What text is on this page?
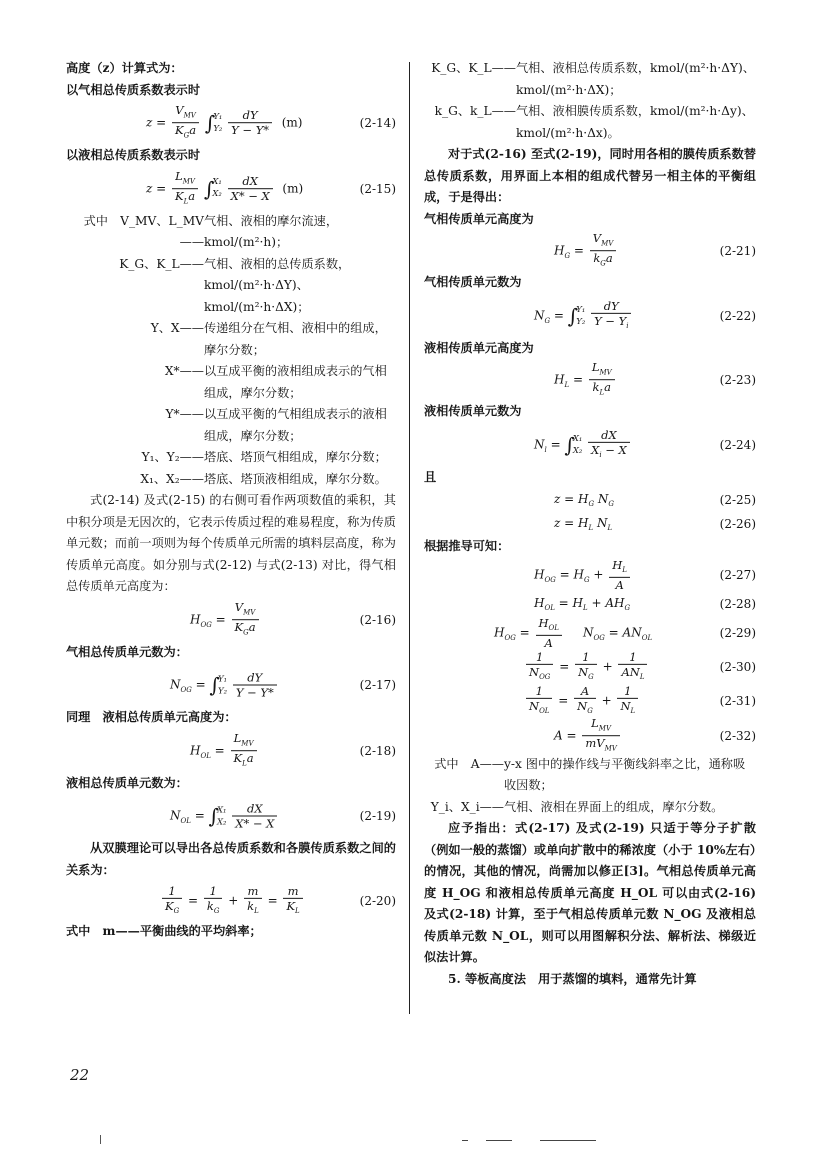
高度（z）计算式为：

以气相总传质系数表示时

$z = \frac{V_{MV}}{K_Ga}$ ∫
Y₁
Y₂
$\frac{dY}{Y - Y*} (m)$	(2-14)

以液相总传质系数表示时

$z = \frac{L_{MV}}{K_La}$ ∫
X₁
X₂
$\frac{dX}{X* - X} (m)$	(2-15)
式中　V_MV、L_MV——
气相、液相的摩尔流速，kmol/(m²·h)；
K_G、K_L—— 气相、液相的总传质系数，kmol/(m²·h·ΔY)、kmol/(m²·h·ΔX)；
Y、X—— 传递组分在气相、液相中的组成，摩尔分数；
X*—— 以互成平衡的液相组成表示的气相组成，摩尔分数；
Y*—— 以互成平衡的气相组成表示的液相组成，摩尔分数；
Y₁、Y₂—— 塔底、塔顶气相组成，摩尔分数；
X₁、X₂—— 塔底、塔顶液相组成，摩尔分数。

式(2-14) 及式(2-15) 的右侧可看作两项数值的乘积，其中积分项是无因次的，它表示传质过程的难易程度，称为传质单元数；而前一项则为每个传质单元所需的填料层高度，称为传质单元高度。如分别与式(2-12) 与式(2-13) 对比，得气相总传质单元高度为：

$H_{OG} = \frac{V_{MV}}{K_Ga}$	(2-16)

气相总传质单元数为：

$N_{OG}$ = ∫
Y₁
Y₂
$\frac{dY}{Y - Y*}$	(2-17)

同理　液相总传质单元高度为：

$H_{OL} = \frac{L_{MV}}{K_La}$	(2-18)

液相总传质单元数为：

$N_{OL}$ = ∫
X₁
X₂
$\frac{dX}{X* - X}$	(2-19)

从双膜理论可以导出各总传质系数和各膜传质系数之间的关系为：

$\frac{1}{K_G} = \frac{1}{k_G} + \frac{m}{k_L} = \frac{m}{K_L}$	(2-20)

式中　m——平衡曲线的平均斜率；

K_G、K_L—— 气相、液相总传质系数，kmol/(m²·h·ΔY)、kmol/(m²·h·ΔX)；
k_G、k_L—— 气相、液相膜传质系数，kmol/(m²·h·Δy)、kmol/(m²·h·Δx)。

对于式(2-16) 至式(2-19)，同时用各相的膜传质系数替总传质系数，用界面上本相的组成代替另一相主体的平衡组成，于是得出：

气相传质单元高度为

$H_G = \frac{V_{MV}}{k_Ga}$	(2-21)

气相传质单元数为

$N_G$ = ∫
Y₁
Y₂
$\frac{dY}{Y - Y_i}$	(2-22)

液相传质单元高度为

$H_L = \frac{L_{MV}}{k_La}$	(2-23)

液相传质单元数为

$N_l$ = ∫
X₁
X₂
$\frac{dX}{X_i - X}$	(2-24)

且

$z = H_G$ $N_G$	(2-25)
$z = H_L$ $N_L$	(2-26)

根据推导可知：

$H_{OG} = H_G + \frac{H_L}{A}$	(2-27)
$H_{OL} = H_L + AH_G$	(2-28)
$H_{OG} = \frac{H_{OL}}{A} N_{OG} = AN_{OL}$	(2-29)
$\frac{1}{N_{OG}} = \frac{1}{N_G} + \frac{1}{AN_L}$	(2-30)
$\frac{1}{N_{OL}} = \frac{A}{N_G} + \frac{1}{N_L}$	(2-31)
$A = \frac{L_{MV}}{mV_{MV}}$	(2-32)
式中　A—— y-x 图中的操作线与平衡线斜率之比，通称吸收因数；
Y_i、X_i—— 气相、液相在界面上的组成，摩尔分数。

应予指出：式(2-17) 及式(2-19) 只适于等分子扩散（例如一般的蒸馏）或单向扩散中的稀浓度（小于 10%左右）的情况，其他的情况，尚需加以修正[3]。气相总传质单元高度 H_OG 和液相总传质单元高度 H_OL 可以由式(2-16) 及式(2-18) 计算，至于气相总传质单元数 N_OG 及液相总传质单元数 N_OL，则可以用图解积分法、解析法、梯级近似法计算。

5. 等板高度法　用于蒸馏的填料，通常先计算

22
